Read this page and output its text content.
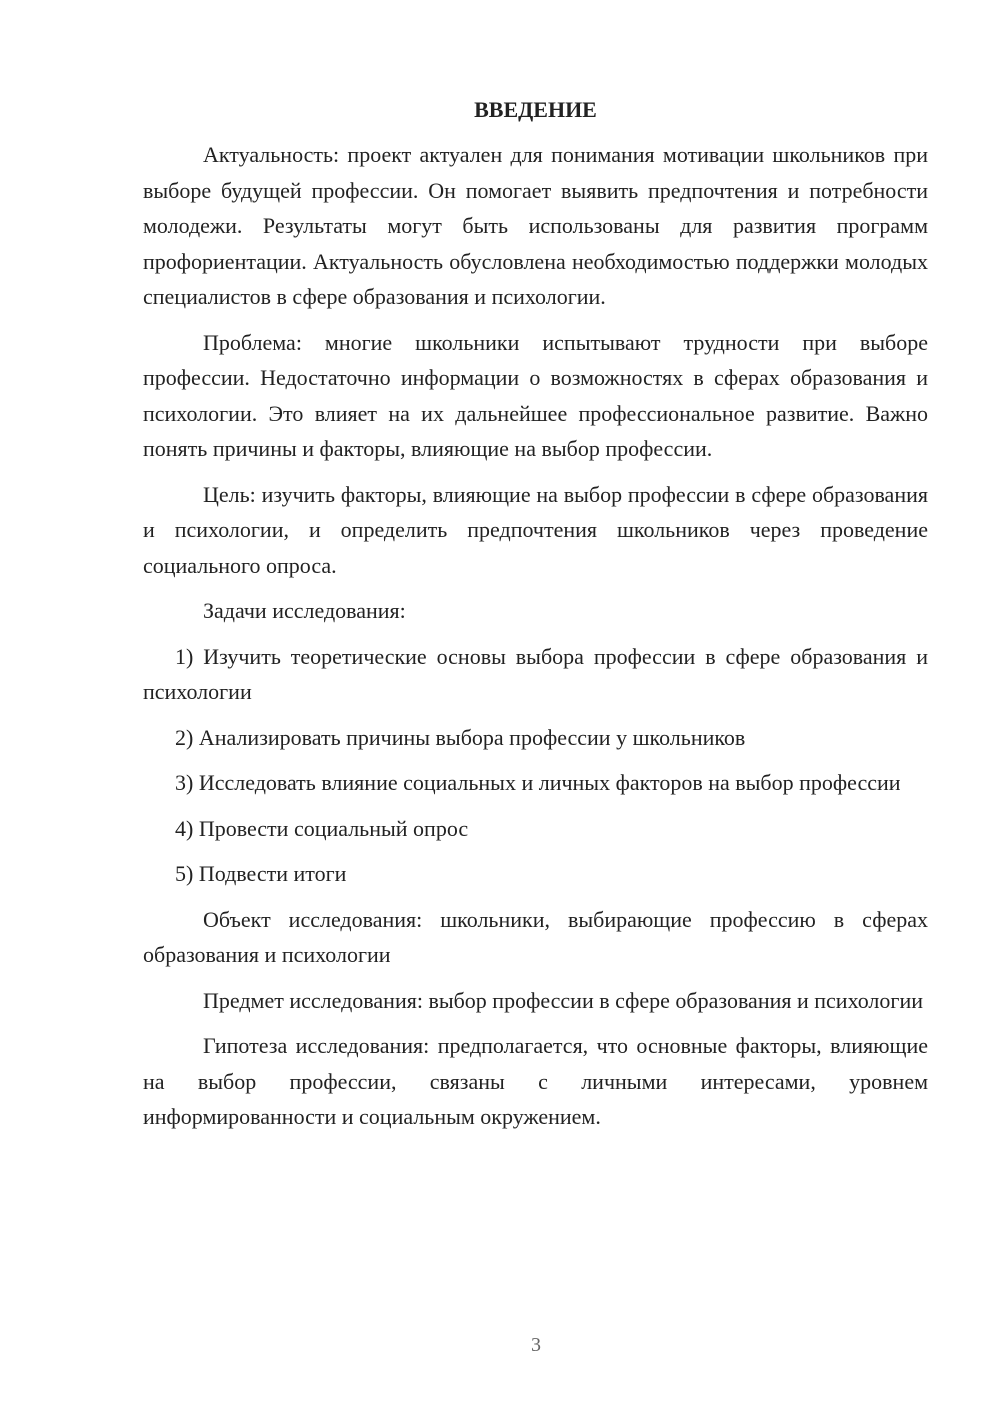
ВВЕДЕНИЕ

Актуальность: проект актуален для понимания мотивации школьников при выборе будущей профессии. Он помогает выявить предпочтения и потребности молодежи. Результаты могут быть использованы для развития программ профориентации. Актуальность обусловлена необходимостью поддержки молодых специалистов в сфере образования и психологии.

Проблема: многие школьники испытывают трудности при выборе профессии. Недостаточно информации о возможностях в сферах образования и психологии. Это влияет на их дальнейшее профессиональное развитие. Важно понять причины и факторы, влияющие на выбор профессии.

Цель: изучить факторы, влияющие на выбор профессии в сфере образования и психологии, и определить предпочтения школьников через проведение социального опроса.

Задачи исследования:

1) Изучить теоретические основы выбора профессии в сфере образования и психологии

2) Анализировать причины выбора профессии у школьников

3) Исследовать влияние социальных и личных факторов на выбор профессии

4) Провести социальный опрос

5) Подвести итоги

Объект исследования: школьники, выбирающие профессию в сферах образования и психологии

Предмет исследования: выбор профессии в сфере образования и психологии

Гипотеза исследования: предполагается, что основные факторы, влияющие на выбор профессии, связаны с личными интересами, уровнем информированности и социальным окружением.

3
